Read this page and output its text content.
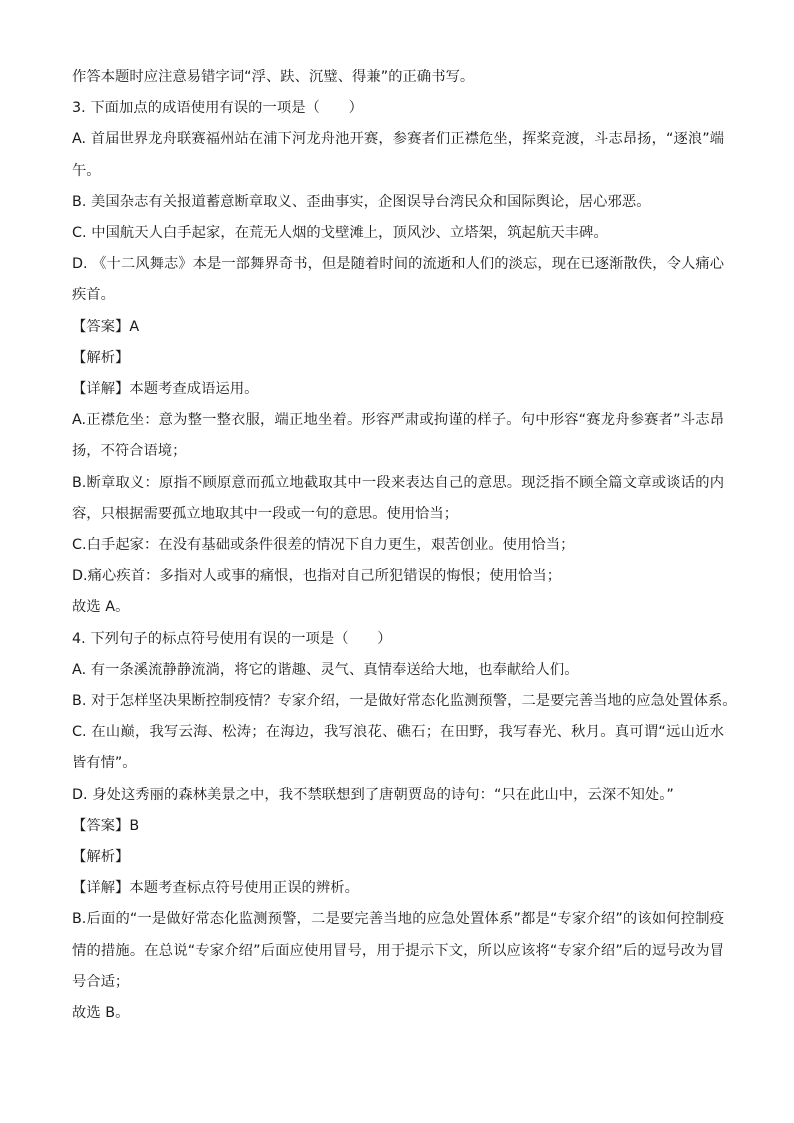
作答本题时应注意易错字词“浮、趺、沉璧、得兼”的正确书写。
3. 下面加点的成语使用有误的一项是（　　）
A. 首届世界龙舟联赛福州站在浦下河龙舟池开赛，参赛者们正襟危坐，挥桨竞渡，斗志昂扬，“逐浪”端午。
B. 美国杂志有关报道蓄意断章取义、歪曲事实，企图误导台湾民众和国际舆论，居心邪恶。
C. 中国航天人白手起家，在荒无人烟的戈壁滩上，顶风沙、立塔架，筑起航天丰碑。
D. 《十二风舞志》本是一部舞界奇书，但是随着时间的流逝和人们的淡忘，现在已逐渐散佚，令人痛心疾首。
【答案】A
【解析】
【详解】本题考查成语运用。
A.正襟危坐：意为整一整衣服，端正地坐着。形容严肃或拘谨的样子。句中形容“赛龙舟参赛者”斗志昂扬，不符合语境；
B.断章取义：原指不顾原意而孤立地截取其中一段来表达自己的意思。现泛指不顾全篇文章或谈话的内容，只根据需要孤立地取其中一段或一句的意思。使用恰当；
C.白手起家：在没有基础或条件很差的情况下自力更生，艰苦创业。使用恰当；
D.痛心疾首：多指对人或事的痛恨，也指对自己所犯错误的悔恨；使用恰当；
故选 A。
4. 下列句子的标点符号使用有误的一项是（　　）
A. 有一条溪流静静流淌，将它的谐趣、灵气、真情奉送给大地，也奉献给人们。
B. 对于怎样坚决果断控制疫情？专家介绍，一是做好常态化监测预警，二是要完善当地的应急处置体系。
C. 在山巅，我写云海、松涛；在海边，我写浪花、礁石；在田野，我写春光、秋月。真可谓“远山近水皆有情”。
D. 身处这秀丽的森林美景之中，我不禁联想到了唐朝贾岛的诗句：“只在此山中，云深不知处。”
【答案】B
【解析】
【详解】本题考查标点符号使用正误的辨析。
B.后面的“一是做好常态化监测预警，二是要完善当地的应急处置体系”都是“专家介绍”的该如何控制疫情的措施。在总说“专家介绍”后面应使用冒号，用于提示下文，所以应该将“专家介绍”后的逗号改为冒号合适；
故选 B。
